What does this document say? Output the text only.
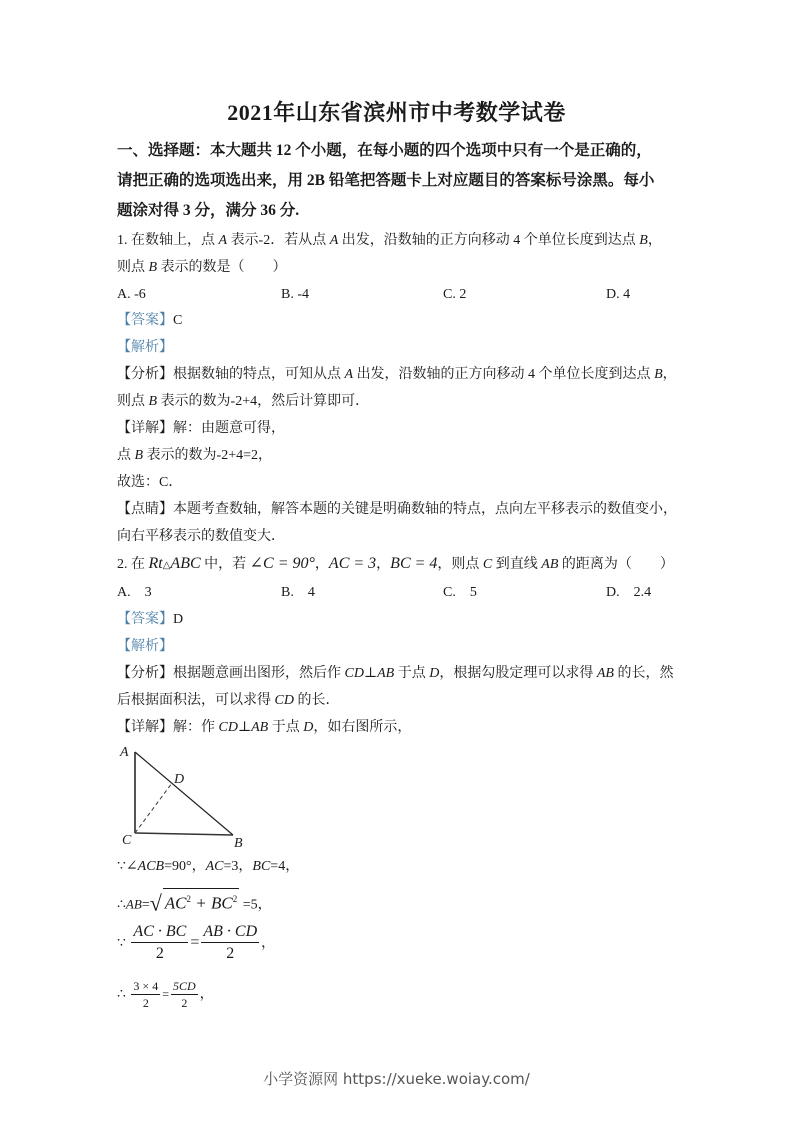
2021年山东省滨州市中考数学试卷
一、选择题：本大题共 12 个小题，在每小题的四个选项中只有一个是正确的，
请把正确的选项选出来，用 2B 铅笔把答题卡上对应题目的答案标号涂黑。每小
题涂对得 3 分，满分 36 分.
1. 在数轴上，点 A 表示-2．若从点 A 出发，沿数轴的正方向移动 4 个单位长度到达点 B，
则点 B 表示的数是（　　）
A. -6	B. -4	C. 2	D. 4
【答案】C
【解析】
【分析】根据数轴的特点，可知从点 A 出发，沿数轴的正方向移动 4 个单位长度到达点 B，
则点 B 表示的数为-2+4，然后计算即可．
【详解】解：由题意可得，
点 B 表示的数为-2+4=2，
故选：C．
【点睛】本题考查数轴，解答本题的关键是明确数轴的特点，点向左平移表示的数值变小，
向右平移表示的数值变大．
2. 在 Rt△ABC 中，若 ∠C = 90°，AC = 3，BC = 4，则点 C 到直线 AB 的距离为（　　）
A.　3	B.　4	C.　5	D.　2.4
【答案】D
【解析】
【分析】根据题意画出图形，然后作 CD⊥AB 于点 D，根据勾股定理可以求得 AB 的长，然
后根据面积法，可以求得 CD 的长．
【详解】解：作 CD⊥AB 于点 D，如右图所示，
A
D
C	B
∵∠ACB=90°，AC=3，BC=4，
∴AB=√ $AC^2 + BC^2 =5$，
∵ $\frac{AC \cdot BC}{2} = \frac{AB \cdot CD}{2}$ ，
∴ $\frac{3 \times 4}{2} = \frac{5CD}{2}$ ，
小学资源网 https://xueke.woiay.com/
